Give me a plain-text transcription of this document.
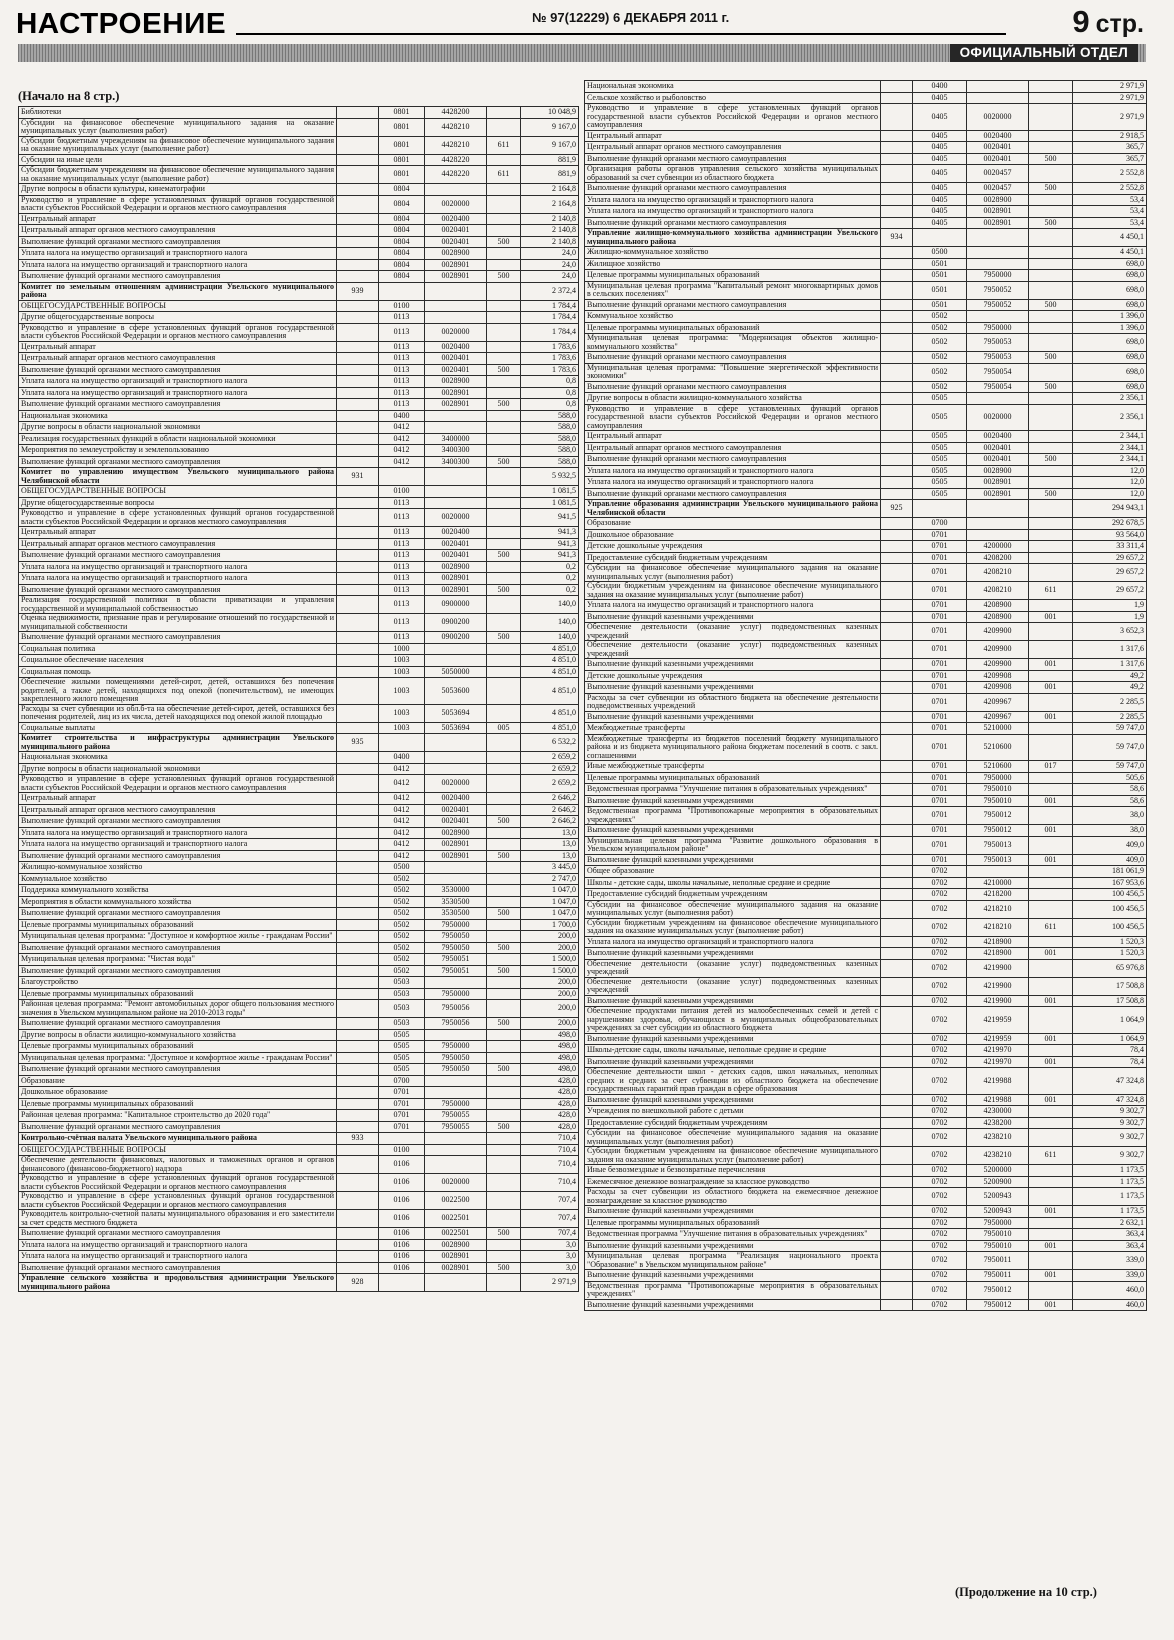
НАСТРОЕНИЕ	№ 97(12229) 6 ДЕКАБРЯ 2011 г.	9 стр.
ОФИЦИАЛЬНЫЙ ОТДЕЛ
(Начало на 8 стр.)
Библиотеки		0801	4428200		10 048,9
Субсидии на финансовое обеспечение муниципального задания на оказание муниципальных услуг (выполнения работ)		0801	4428210		9 167,0
Субсидии бюджетным учреждениям на финансовое обеспечение муниципального задания на оказание муниципальных услуг (выполнение работ)		0801	4428210	611	9 167,0
Субсидии на иные цели		0801	4428220		881,9
Субсидии бюджетным учреждениям на финансовое обеспечение муниципального задания на оказание муниципальных услуг (выполнение работ)		0801	4428220	611	881,9
Другие вопросы в области культуры, кинематографии		0804			2 164,8
Руководство и управление в сфере установленных функций органов государственной власти субъектов Российской Федерации и органов местного самоуправления		0804	0020000		2 164,8
Центральный аппарат		0804	0020400		2 140,8
Центральный аппарат органов местного самоуправления		0804	0020401		2 140,8
Выполнение функций органами местного самоуправления		0804	0020401	500	2 140,8
Уплата налога на имущество организаций и транспортного налога		0804	0028900		24,0
Уплата налога на имущество организаций и транспортного налога		0804	0028901		24,0
Выполнение функций органами местного самоуправления		0804	0028901	500	24,0
Комитет по земельным отношениям администрации Увельского муниципального района	939				2 372,4
ОБЩЕГОСУДАРСТВЕННЫЕ ВОПРОСЫ		0100			1 784,4
Другие общегосударственные вопросы		0113			1 784,4
Руководство и управление в сфере установленных функций органов государственной власти субъектов Российской Федерации и органов местного самоуправления		0113	0020000		1 784,4
Центральный аппарат		0113	0020400		1 783,6
Центральный аппарат органов местного самоуправления		0113	0020401		1 783,6
Выполнение функций органами местного самоуправления		0113	0020401	500	1 783,6
Уплата налога на имущество организаций и транспортного налога		0113	0028900		0,8
Уплата налога на имущество организаций и транспортного налога		0113	0028901		0,8
Выполнение функций органами местного самоуправления		0113	0028901	500	0,8
Национальная экономика		0400			588,0
Другие вопросы в области национальной экономики		0412			588,0
Реализация государственных функций в области национальной экономики		0412	3400000		588,0
Мероприятия по землеустройству и землепользованию		0412	3400300		588,0
Выполнение функций органами местного самоуправления		0412	3400300	500	588,0
Комитет по управлению имуществом Увельского муниципального района Челябинской области	931				5 932,5
ОБЩЕГОСУДАРСТВЕННЫЕ ВОПРОСЫ		0100			1 081,5
Другие общегосударственные вопросы		0113			1 081,5
Руководство и управление в сфере установленных функций органов государственной власти субъектов Российской Федерации и органов местного самоуправления		0113	0020000		941,5
Центральный аппарат		0113	0020400		941,3
Центральный аппарат органов местного самоуправления		0113	0020401		941,3
Выполнение функций органами местного самоуправления		0113	0020401	500	941,3
Уплата налога на имущество организаций и транспортного налога		0113	0028900		0,2
Уплата налога на имущество организаций и транспортного налога		0113	0028901		0,2
Выполнение функций органами местного самоуправления		0113	0028901	500	0,2
Реализация государственной политики в области приватизации и управления государственной и муниципальной собственностью		0113	0900000		140,0
Оценка недвижимости, признание прав и регулирование отношений по государственной и муниципальной собственности		0113	0900200		140,0
Выполнение функций органами местного самоуправления		0113	0900200	500	140,0
Социальная политика		1000			4 851,0
Социальное обеспечение населения		1003			4 851,0
Социальная помощь		1003	5050000		4 851,0
Обеспечение жилыми помещениями детей-сирот, детей, оставшихся без попечения родителей, а также детей, находящихся под опекой (попечительством), не имеющих закрепленного жилого помещения		1003	5053600		4 851,0
Расходы за счет субвенции из обл.б-та на обеспечение детей-сирот, детей, оставшихся без попечения родителей, лиц из их числа, детей находящихся под опекой жилой площадью		1003	5053694		4 851,0
Социальные выплаты		1003	5053694	005	4 851,0
Комитет строительства и инфраструктуры администрации Увельского муниципального района	935				6 532,2
Национальная экономика		0400			2 659,2
Другие вопросы в области национальной экономики		0412			2 659,2
Руководство и управление в сфере установленных функций органов государственной власти субъектов Российской Федерации и органов местного самоуправления		0412	0020000		2 659,2
Центральный аппарат		0412	0020400		2 646,2
Центральный аппарат органов местного самоуправления		0412	0020401		2 646,2
Выполнение функций органами местного самоуправления		0412	0020401	500	2 646,2
Уплата налога на имущество организаций и транспортного налога		0412	0028900		13,0
Уплата налога на имущество организаций и транспортного налога		0412	0028901		13,0
Выполнение функций органами местного самоуправления		0412	0028901	500	13,0
Жилищно-коммунальное хозяйство		0500			3 445,0
Коммунальное хозяйство		0502			2 747,0
Поддержка коммунального хозяйства		0502	3530000		1 047,0
Мероприятия в области коммунального хозяйства		0502	3530500		1 047,0
Выполнение функций органами местного самоуправления		0502	3530500	500	1 047,0
Целевые программы муниципальных образований		0502	7950000		1 700,0
Муниципальная целевая программа: "Доступное и комфортное жилье - гражданам России"		0502	7950050		200,0
Выполнение функций органами местного самоуправления		0502	7950050	500	200,0
Муниципальная целевая программа: "Чистая вода"		0502	7950051		1 500,0
Выполнение функций органами местного самоуправления		0502	7950051	500	1 500,0
Благоустройство		0503			200,0
Целевые программы муниципальных образований		0503	7950000		200,0
Районная целевая программа: "Ремонт автомобильных дорог общего пользования местного значения в Увельском муниципальном районе на 2010-2013 годы"		0503	7950056		200,0
Выполнение функций органами местного самоуправления		0503	7950056	500	200,0
Другие вопросы в области жилищно-коммунального хозяйства		0505			498,0
Целевые программы муниципальных образований		0505	7950000		498,0
Муниципальная целевая программа: "Доступное и комфортное жилье - гражданам России"		0505	7950050		498,0
Выполнение функций органами местного самоуправления		0505	7950050	500	498,0
Образование		0700			428,0
Дошкольное образование		0701			428,0
Целевые программы муниципальных образований		0701	7950000		428,0
Районная целевая программа: "Капитальное строительство до 2020 года"		0701	7950055		428,0
Выполнение функций органами местного самоуправления		0701	7950055	500	428,0
Контрольно-счётная палата Увельского муниципального района	933				710,4
ОБЩЕГОСУДАРСТВЕННЫЕ ВОПРОСЫ		0100			710,4
Обеспечение деятельности финансовых, налоговых и таможенных органов и органов финансового (финансово-бюджетного) надзора		0106			710,4
Руководство и управление в сфере установленных функций органов государственной власти субъектов Российской Федерации и органов местного самоуправления		0106	0020000		710,4
Руководство и управление в сфере установленных функций органов государственной власти субъектов Российской Федерации и органов местного самоуправления		0106	0022500		707,4
Руководитель контрольно-счетной палаты муниципального образования и его заместители за счет средств местного бюджета		0106	0022501		707,4
Выполнение функций органами местного самоуправления		0106	0022501	500	707,4
Уплата налога на имущество организаций и транспортного налога		0106	0028900		3,0
Уплата налога на имущество организаций и транспортного налога		0106	0028901		3,0
Выполнение функций органами местного самоуправления		0106	0028901	500	3,0
Управление сельского хозяйства и продовольствия администрации Увельского муниципального района	928				2 971,9
Национальная экономика		0400			2 971,9
Сельское хозяйство и рыболовство		0405			2 971,9
Руководство и управление в сфере установленных функций органов государственной власти субъектов Российской Федерации и органов местного самоуправления		0405	0020000		2 971,9
Центральный аппарат		0405	0020400		2 918,5
Центральный аппарат органов местного самоуправления		0405	0020401		365,7
Выполнение функций органами местного самоуправления		0405	0020401	500	365,7
Организация работы органов управления сельского хозяйства муниципальных образований за счет субвенции из областного бюджета		0405	0020457		2 552,8
Выполнение функций органами местного самоуправления		0405	0020457	500	2 552,8
Уплата налога на имущество организаций и транспортного налога		0405	0028900		53,4
Уплата налога на имущество организаций и транспортного налога		0405	0028901		53,4
Выполнение функций органами местного самоуправления		0405	0028901	500	53,4
Управление жилищно-коммунального хозяйства администрации Увельского муниципального района	934				4 450,1
Жилищно-коммунальное хозяйство		0500			4 450,1
Жилищное хозяйство		0501			698,0
Целевые программы муниципальных образований		0501	7950000		698,0
Муниципальная целевая программа "Капитальный ремонт многоквартирных домов в сельских поселениях"		0501	7950052		698,0
Выполнение функций органами местного самоуправления		0501	7950052	500	698,0
Коммунальное хозяйство		0502			1 396,0
Целевые программы муниципальных образований		0502	7950000		1 396,0
Муниципальная целевая программа: "Модернизация объектов жилищно-коммунального хозяйства"		0502	7950053		698,0
Выполнение функций органами местного самоуправления		0502	7950053	500	698,0
Муниципальная целевая программа: "Повышение энергетической эффективности экономики"		0502	7950054		698,0
Выполнение функций органами местного самоуправления		0502	7950054	500	698,0
Другие вопросы в области жилищно-коммунального хозяйства		0505			2 356,1
Руководство и управление в сфере установленных функций органов государственной власти субъектов Российской Федерации и органов местного самоуправления		0505	0020000		2 356,1
Центральный аппарат		0505	0020400		2 344,1
Центральный аппарат органов местного самоуправления		0505	0020401		2 344,1
Выполнение функций органами местного самоуправления		0505	0020401	500	2 344,1
Уплата налога на имущество организаций и транспортного налога		0505	0028900		12,0
Уплата налога на имущество организаций и транспортного налога		0505	0028901		12,0
Выполнение функций органами местного самоуправления		0505	0028901	500	12,0
Управление образования администрации Увельского муниципального района Челябинской области	925				294 943,1
Образование		0700			292 678,5
Дошкольное образование		0701			93 564,0
Детские дошкольные учреждения		0701	4200000		33 311,4
Предоставление субсидий бюджетным учреждениям		0701	4208200		29 657,2
Субсидии на финансовое обеспечение муниципального задания на оказание муниципальных услуг (выполнения работ)		0701	4208210		29 657,2
Субсидии бюджетным учреждениям на финансовое обеспечение муниципального задания на оказание муниципальных услуг (выполнение работ)		0701	4208210	611	29 657,2
Уплата налога на имущество организаций и транспортного налога		0701	4208900		1,9
Выполнение функций казенными учреждениями		0701	4208900	001	1,9
Обеспечение деятельности (оказание услуг) подведомственных казенных учреждений		0701	4209900		3 652,3
Обеспечение деятельности (оказание услуг) подведомственных казенных учреждений		0701	4209900		1 317,6
Выполнение функций казенными учреждениями		0701	4209900	001	1 317,6
Детские дошкольные учреждения		0701	4209908		49,2
Выполнение функций казенными учреждениями		0701	4209908	001	49,2
Расходы за счет субвенции из областного бюджета на обеспечение деятельности подведомственных учреждений		0701	4209967		2 285,5
Выполнение функций казенными учреждениями		0701	4209967	001	2 285,5
Межбюджетные трансферты		0701	5210000		59 747,0
Межбюджетные трансферты из бюджетов поселений бюджету муниципального района и из бюджета муниципального района бюджетам поселений в соотв. с закл. соглашениями		0701	5210600		59 747,0
Иные межбюджетные трансферты		0701	5210600	017	59 747,0
Целевые программы муниципальных образований		0701	7950000		505,6
Ведомственная программа "Улучшение питания в образовательных учреждениях"		0701	7950010		58,6
Выполнение функций казенными учреждениями		0701	7950010	001	58,6
Ведомственная программа "Противопожарные мероприятия в образовательных учреждениях"		0701	7950012		38,0
Выполнение функций казенными учреждениями		0701	7950012	001	38,0
Муниципальная целевая программа "Развитие дошкольного образования в Увельском муниципальном районе"		0701	7950013		409,0
Выполнение функций казенными учреждениями		0701	7950013	001	409,0
Общее образование		0702			181 061,9
Школы - детские сады, школы начальные, неполные средние и средние		0702	4210000		167 953,6
Предоставление субсидий бюджетным учреждениям		0702	4218200		100 456,5
Субсидии на финансовое обеспечение муниципального задания на оказание муниципальных услуг (выполнения работ)		0702	4218210		100 456,5
Субсидии бюджетным учреждениям на финансовое обеспечение муниципального задания на оказание муниципальных услуг (выполнение работ)		0702	4218210	611	100 456,5
Уплата налога на имущество организаций и транспортного налога		0702	4218900		1 520,3
Выполнение функций казенными учреждениями		0702	4218900	001	1 520,3
Обеспечение деятельности (оказание услуг) подведомственных казенных учреждений		0702	4219900		65 976,8
Обеспечение деятельности (оказание услуг) подведомственных казенных учреждений		0702	4219900		17 508,8
Выполнение функций казенными учреждениями		0702	4219900	001	17 508,8
Обеспечение продуктами питания детей из малообеспеченных семей и детей с нарушениями здоровья, обучающихся в муниципальных общеобразовательных учреждениях за счет субсидии из областного бюджета		0702	4219959		1 064,9
Выполнение функций казенными учреждениями		0702	4219959	001	1 064,9
Школы-детские сады, школы начальные, неполные средние и средние		0702	4219970		78,4
Выполнение функций казенными учреждениями		0702	4219970	001	78,4
Обеспечение деятельности школ - детских садов, школ начальных, неполных средних и средних за счет субвенции из областного бюджета на обеспечение государственных гарантий прав граждан в сфере образования		0702	4219988		47 324,8
Выполнение функций казенными учреждениями		0702	4219988	001	47 324,8
Учреждения по внешкольной работе с детьми		0702	4230000		9 302,7
Предоставление субсидий бюджетным учреждениям		0702	4238200		9 302,7
Субсидии на финансовое обеспечение муниципального задания на оказание муниципальных услуг (выполнения работ)		0702	4238210		9 302,7
Субсидии бюджетным учреждениям на финансовое обеспечение муниципального задания на оказание муниципальных услуг (выполнение работ)		0702	4238210	611	9 302,7
Иные безвозмездные и безвозвратные перечисления		0702	5200000		1 173,5
Ежемесячное денежное вознаграждение за классное руководство		0702	5200900		1 173,5
Расходы за счет субвенции из областного бюджета на ежемесячное денежное вознаграждение за классное руководство		0702	5200943		1 173,5
Выполнение функций казенными учреждениями		0702	5200943	001	1 173,5
Целевые программы муниципальных образований		0702	7950000		2 632,1
Ведомственная программа "Улучшение питания в образовательных учреждениях"		0702	7950010		363,4
Выполнение функций казенными учреждениями		0702	7950010	001	363,4
Муниципальная целевая программа "Реализация национального проекта "Образование" в Увельском муниципальном районе"		0702	7950011		339,0
Выполнение функций казенными учреждениями		0702	7950011	001	339,0
Ведомственная программа "Противопожарные мероприятия в образовательных учреждениях"		0702	7950012		460,0
Выполнение функций казенными учреждениями		0702	7950012	001	460,0
(Продолжение на 10 стр.)
